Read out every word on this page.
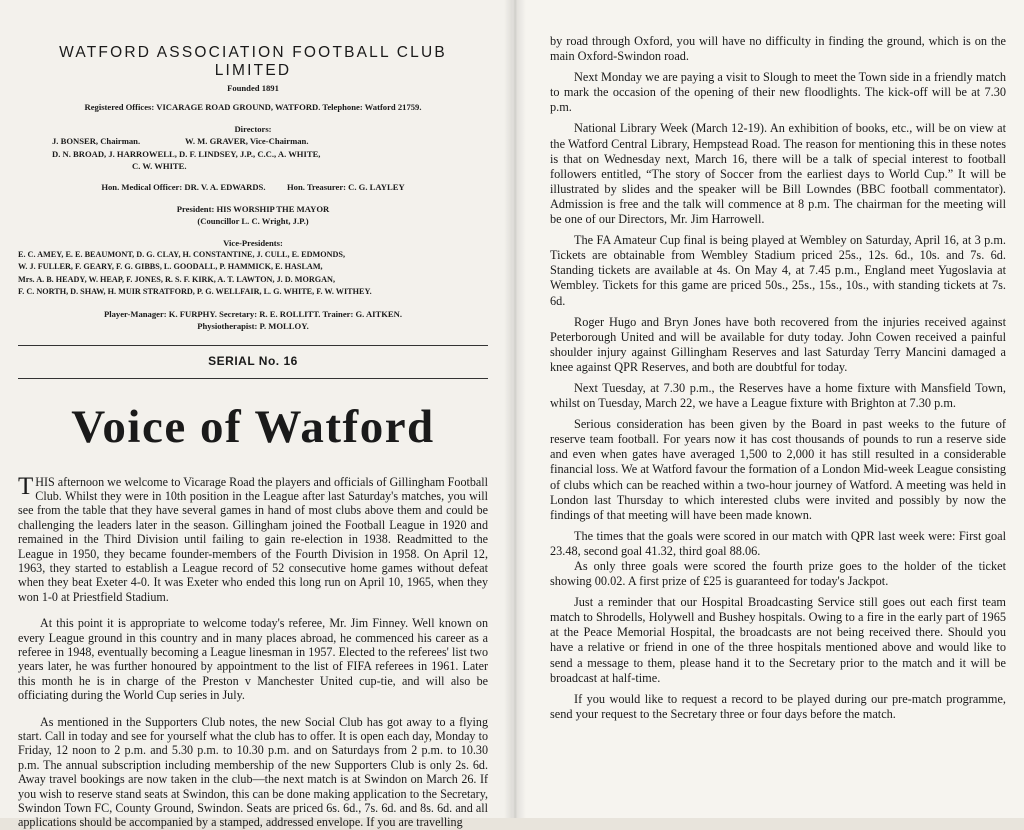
WATFORD ASSOCIATION FOOTBALL CLUB LIMITED
Founded 1891
Registered Offices: VICARAGE ROAD GROUND, WATFORD. Telephone: Watford 21759.
Directors:
J. BONSER, Chairman.                     W. M. GRAVER, Vice-Chairman.
D. N. BROAD, J. HARROWELL, D. F. LINDSEY, J.P., C.C., A. WHITE,
C. W. WHITE.
Hon. Medical Officer: DR. V. A. EDWARDS.          Hon. Treasurer: C. G. LAYLEY
President: HIS WORSHIP THE MAYOR
(Councillor L. C. Wright, J.P.)
Vice-Presidents:
E. C. AMEY, E. E. BEAUMONT, D. G. CLAY, H. CONSTANTINE, J. CULL, E. EDMONDS,
W. J. FULLER, F. GEARY, F. G. GIBBS, L. GOODALL, P. HAMMICK, E. HASLAM,
Mrs. A. B. HEADY, W. HEAP, F. JONES, R. S. F. KIRK, A. T. LAWTON, J. D. MORGAN,
F. C. NORTH, D. SHAW, H. MUIR STRATFORD, P. G. WELLFAIR, L. G. WHITE, F. W. WITHEY.
Player-Manager: K. FURPHY. Secretary: R. E. ROLLITT. Trainer: G. AITKEN.
Physiotherapist: P. MOLLOY.
SERIAL No. 16
Voice of Watford

THIS afternoon we welcome to Vicarage Road the players and officials of Gillingham Football Club. Whilst they were in 10th position in the League after last Saturday's matches, you will see from the table that they have several games in hand of most clubs above them and could be challenging the leaders later in the season. Gillingham joined the Football League in 1920 and remained in the Third Division until failing to gain re-election in 1938. Readmitted to the League in 1950, they became founder-members of the Fourth Division in 1958. On April 12, 1963, they started to establish a League record of 52 consecutive home games without defeat when they beat Exeter 4-0. It was Exeter who ended this long run on April 10, 1965, when they won 1-0 at Priestfield Stadium.

At this point it is appropriate to welcome today's referee, Mr. Jim Finney. Well known on every League ground in this country and in many places abroad, he commenced his career as a referee in 1948, eventually becoming a League linesman in 1957. Elected to the referees' list two years later, he was further honoured by appointment to the list of FIFA referees in 1961. Later this month he is in charge of the Preston v Manchester United cup-tie, and will also be officiating during the World Cup series in July.

As mentioned in the Supporters Club notes, the new Social Club has got away to a flying start. Call in today and see for yourself what the club has to offer. It is open each day, Monday to Friday, 12 noon to 2 p.m. and 5.30 p.m. to 10.30 p.m. and on Saturdays from 2 p.m. to 10.30 p.m. The annual subscription including membership of the new Supporters Club is only 2s. 6d. Away travel bookings are now taken in the club—the next match is at Swindon on March 26. If you wish to reserve stand seats at Swindon, this can be done making application to the Secretary, Swindon Town FC, County Ground, Swindon. Seats are priced 6s. 6d., 7s. 6d. and 8s. 6d. and all applications should be accompanied by a stamped, addressed envelope. If you are travelling

by road through Oxford, you will have no difficulty in finding the ground, which is on the main Oxford-Swindon road.

Next Monday we are paying a visit to Slough to meet the Town side in a friendly match to mark the occasion of the opening of their new floodlights. The kick-off will be at 7.30 p.m.

National Library Week (March 12-19). An exhibition of books, etc., will be on view at the Watford Central Library, Hempstead Road. The reason for mentioning this in these notes is that on Wednesday next, March 16, there will be a talk of special interest to football followers entitled, “The story of Soccer from the earliest days to World Cup.” It will be illustrated by slides and the speaker will be Bill Lowndes (BBC football commentator). Admission is free and the talk will commence at 8 p.m. The chairman for the meeting will be one of our Directors, Mr. Jim Harrowell.

The FA Amateur Cup final is being played at Wembley on Saturday, April 16, at 3 p.m. Tickets are obtainable from Wembley Stadium priced 25s., 12s. 6d., 10s. and 7s. 6d. Standing tickets are available at 4s. On May 4, at 7.45 p.m., England meet Yugoslavia at Wembley. Tickets for this game are priced 50s., 25s., 15s., 10s., with standing tickets at 7s. 6d.

Roger Hugo and Bryn Jones have both recovered from the injuries received against Peterborough United and will be available for duty today. John Cowen received a painful shoulder injury against Gillingham Reserves and last Saturday Terry Mancini damaged a knee against QPR Reserves, and both are doubtful for today.

Next Tuesday, at 7.30 p.m., the Reserves have a home fixture with Mansfield Town, whilst on Tuesday, March 22, we have a League fixture with Brighton at 7.30 p.m.

Serious consideration has been given by the Board in past weeks to the future of reserve team football. For years now it has cost thousands of pounds to run a reserve side and even when gates have averaged 1,500 to 2,000 it has still resulted in a considerable financial loss. We at Watford favour the formation of a London Mid-week League consisting of clubs which can be reached within a two-hour journey of Watford. A meeting was held in London last Thursday to which interested clubs were invited and possibly by now the findings of that meeting will have been made known.

The times that the goals were scored in our match with QPR last week were: First goal 23.48, second goal 41.32, third goal 88.06.

As only three goals were scored the fourth prize goes to the holder of the ticket showing 00.02. A first prize of £25 is guaranteed for today's Jackpot.

Just a reminder that our Hospital Broadcasting Service still goes out each first team match to Shrodells, Holywell and Bushey hospitals. Owing to a fire in the early part of 1965 at the Peace Memorial Hospital, the broadcasts are not being received there. Should you have a relative or friend in one of the three hospitals mentioned above and would like to send a message to them, please hand it to the Secretary prior to the match and it will be broadcast at half-time.

If you would like to request a record to be played during our pre-match programme, send your request to the Secretary three or four days before the match.
